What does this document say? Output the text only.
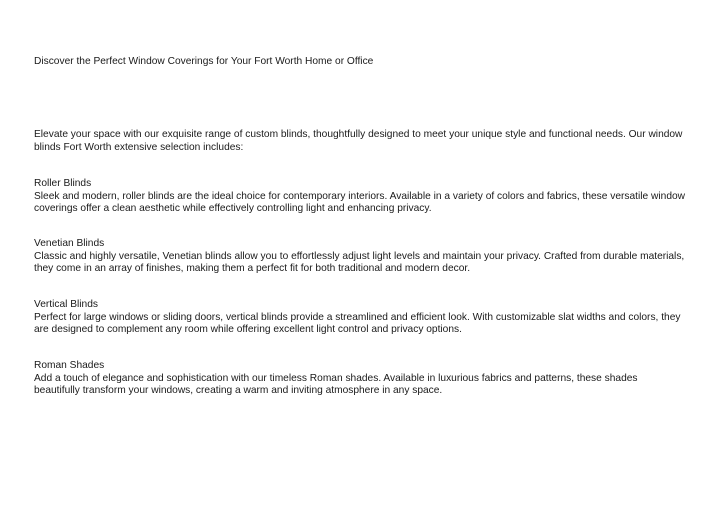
Discover the Perfect Window Coverings for Your Fort Worth Home or Office

Elevate your space with our exquisite range of custom blinds, thoughtfully designed to meet your unique style and functional needs. Our window blinds Fort Worth extensive selection includes:

Roller Blinds
Sleek and modern, roller blinds are the ideal choice for contemporary interiors. Available in a variety of colors and fabrics, these versatile window coverings offer a clean aesthetic while effectively controlling light and enhancing privacy.
Venetian Blinds
Classic and highly versatile, Venetian blinds allow you to effortlessly adjust light levels and maintain your privacy. Crafted from durable materials, they come in an array of finishes, making them a perfect fit for both traditional and modern decor.
Vertical Blinds
Perfect for large windows or sliding doors, vertical blinds provide a streamlined and efficient look. With customizable slat widths and colors, they are designed to complement any room while offering excellent light control and privacy options.
Roman Shades
Add a touch of elegance and sophistication with our timeless Roman shades. Available in luxurious fabrics and patterns, these shades beautifully transform your windows, creating a warm and inviting atmosphere in any space.
